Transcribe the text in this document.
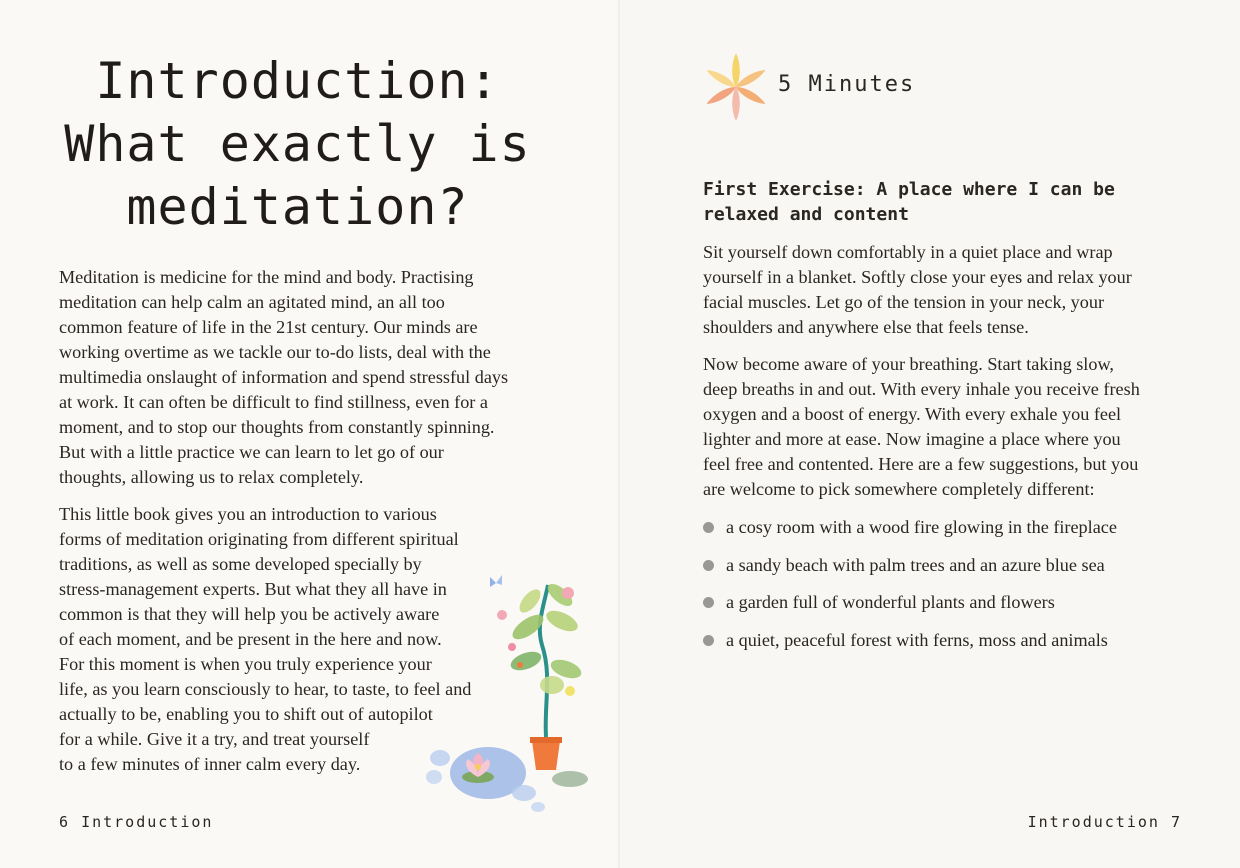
Introduction:
What exactly is
meditation?

Meditation is medicine for the mind and body. Practising
meditation can help calm an agitated mind, an all too
common feature of life in the 21st century. Our minds are
working overtime as we tackle our to-do lists, deal with the
multimedia onslaught of information and spend stressful days
at work. It can often be difficult to find stillness, even for a
moment, and to stop our thoughts from constantly spinning.
But with a little practice we can learn to let go of our
thoughts, allowing us to relax completely.

This little book gives you an introduction to various
forms of meditation originating from different spiritual
traditions, as well as some developed specially by
stress-management experts. But what they all have in
common is that they will help you be actively aware
of each moment, and be present in the here and now.
For this moment is when you truly experience your
life, as you learn consciously to hear, to taste, to feel and
actually to be, enabling you to shift out of autopilot
for a while. Give it a try, and treat yourself
to a few minutes of inner calm every day.

6 Introduction

5 Minutes

First Exercise: A place where I can be
relaxed and content

Sit yourself down comfortably in a quiet place and wrap
yourself in a blanket. Softly close your eyes and relax your
facial muscles. Let go of the tension in your neck, your
shoulders and anywhere else that feels tense.

Now become aware of your breathing. Start taking slow,
deep breaths in and out. With every inhale you receive fresh
oxygen and a boost of energy. With every exhale you feel
lighter and more at ease. Now imagine a place where you
feel free and contented. Here are a few suggestions, but you
are welcome to pick somewhere completely different:

a cosy room with a wood fire glowing in the fireplace
a sandy beach with palm trees and an azure blue sea
a garden full of wonderful plants and flowers
a quiet, peaceful forest with ferns, moss and animals

Introduction 7
